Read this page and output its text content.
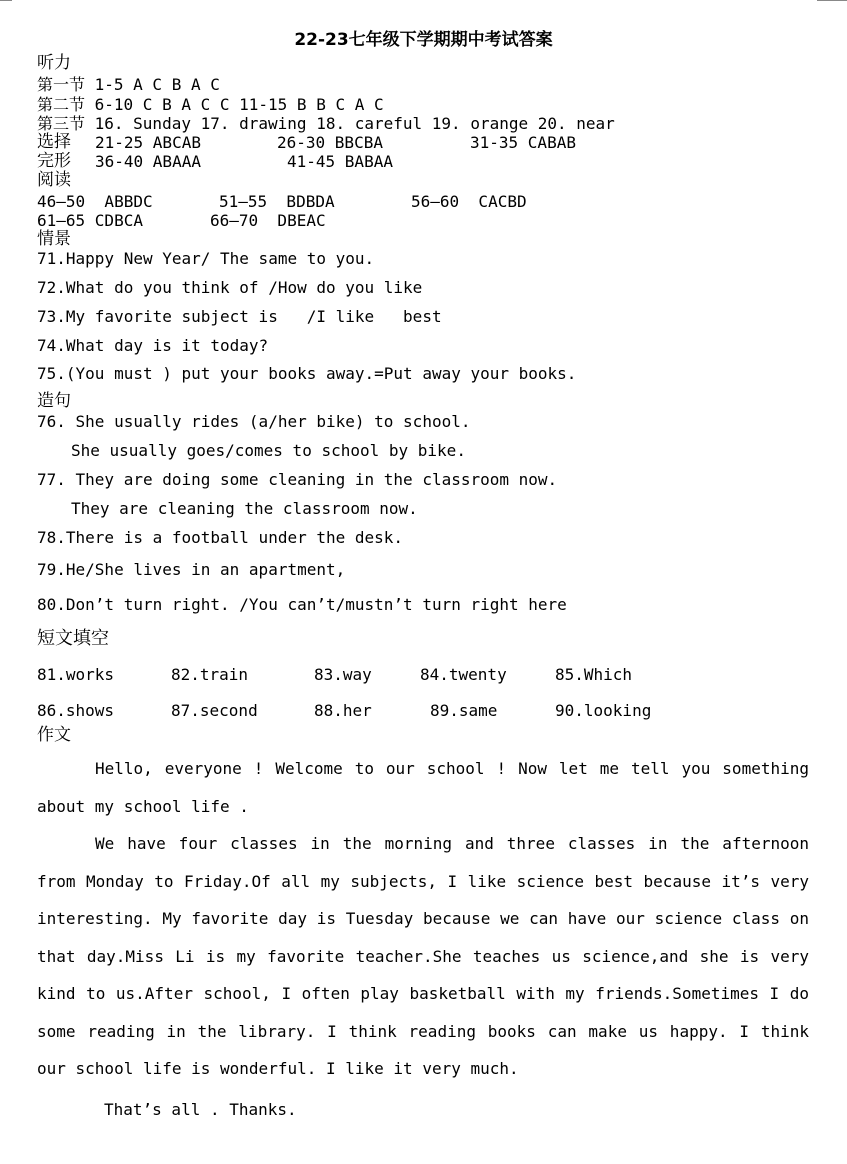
22-23七年级下学期期中考试答案
听力
第一节 1-5 A C B A C
第二节 6-10 C B A C C 11-15 B B C A C
第三节 16. Sunday 17. drawing 18. careful 19. orange 20. near
选择 21-25 ABCAB	26-30 BBCBA	31-35 CABAB
完形 36-40 ABAAA	41-45 BABAA
阅读
46—50  ABBDC	51—55  BDBDA	56—60  CACBD
61—65 CDBCA	66—70  DBEAC
情景
71.Happy New Year/ The same to you.
72.What do you think of /How do you like
73.My favorite subject is   /I like   best
74.What day is it today?
75.(You must ) put your books away.=Put away your books.
造句
76. She usually rides (a/her bike) to school.
She usually goes/comes to school by bike.
77. They are doing some cleaning in the classroom now.
They are cleaning the classroom now.
78.There is a football under the desk.
79.He/She lives in an apartment,
80.Don’t turn right. /You can’t/mustn’t turn right here
短文填空
81.works	82.train	83.way	84.twenty	85.Which
86.shows	87.second	88.her	89.same	90.looking
作文

Hello, everyone ! Welcome to our school ! Now let me tell you something about my school life .

We have four classes in the morning and three classes in the afternoon from Monday to Friday.Of all my subjects, I like science best because it’s very interesting. My favorite day is Tuesday because we can have our science class on that day.Miss Li is my favorite teacher.She teaches us science,and she is very kind to us.After school, I often play basketball with my friends.Sometimes I do some reading in the library. I think reading books can make us happy. I think our school life is wonderful. I like it very much.

That’s all . Thanks.
